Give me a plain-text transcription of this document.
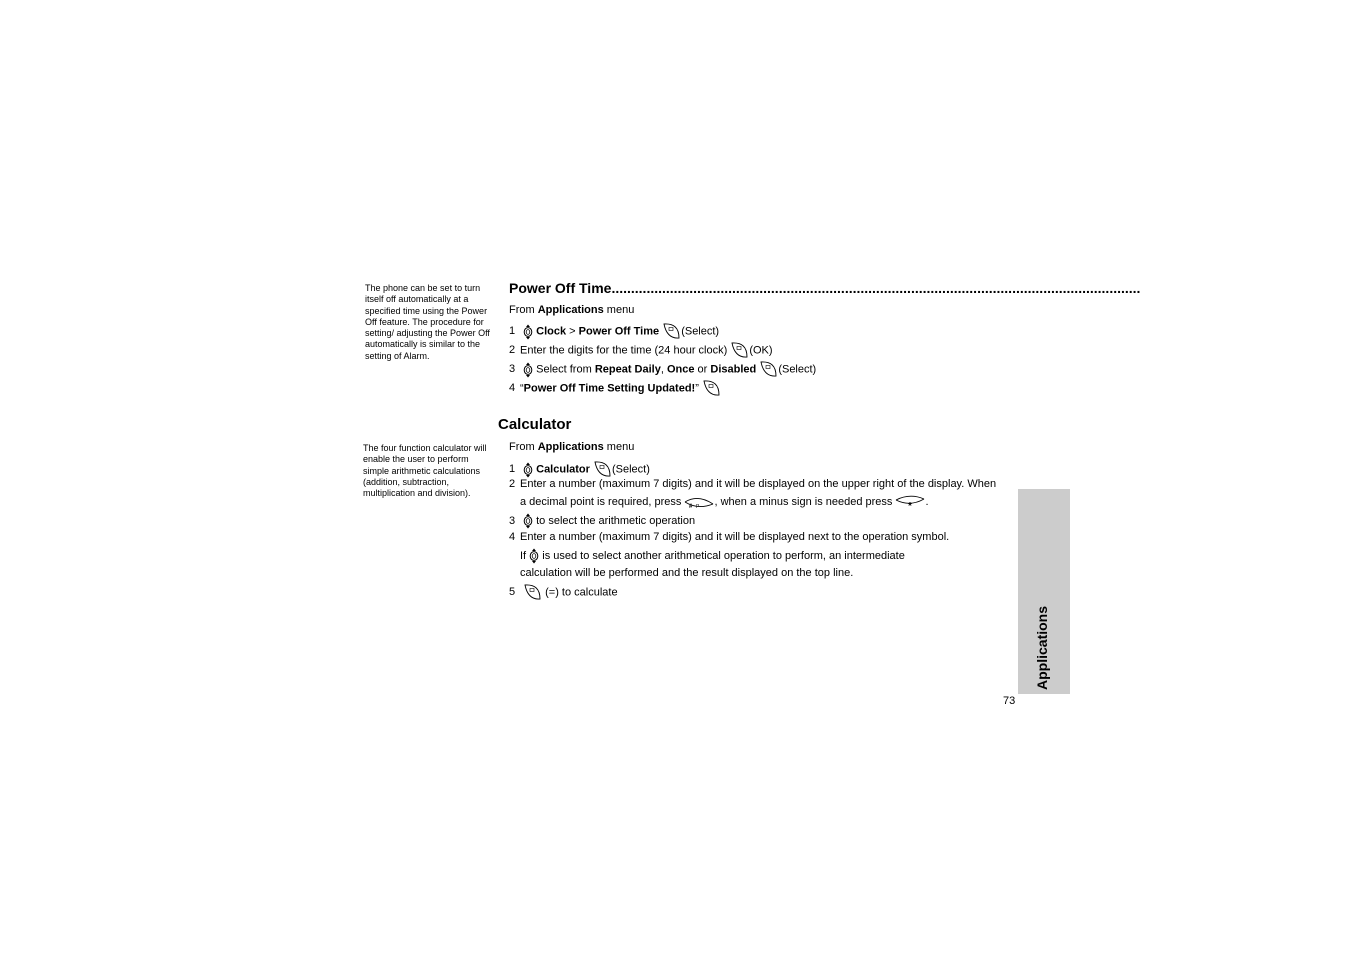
The phone can be set to turn itself off automatically at a specified time using the Power Off feature. The procedure for setting/ adjusting the Power Off automatically is similar to the setting of Alarm.
The four function calculator will enable the user to perform simple arithmetic calculations (addition, subtraction, multiplication and division).
Power Off Time........................................................................................................................................
From Applications menu
1 Clock > Power Off Time (Select)
2 Enter the digits for the time (24 hour clock) (OK)
3 Select from Repeat Daily, Once or Disabled (Select)
4 “Power Off Time Setting Updated!”
Calculator
From Applications menu
1 Calculator (Select)
2 Enter a number (maximum 7 digits) and it will be displayed on the upper right of the display. When
a decimal point is required, press # P , when a minus sign is needed press * .
3 to select the arithmetic operation
4 Enter a number (maximum 7 digits) and it will be displayed next to the operation symbol.
If is used to select another arithmetical operation to perform, an intermediate
calculation will be performed and the result displayed on the top line.
5	(=) to calculate
Applications
73
